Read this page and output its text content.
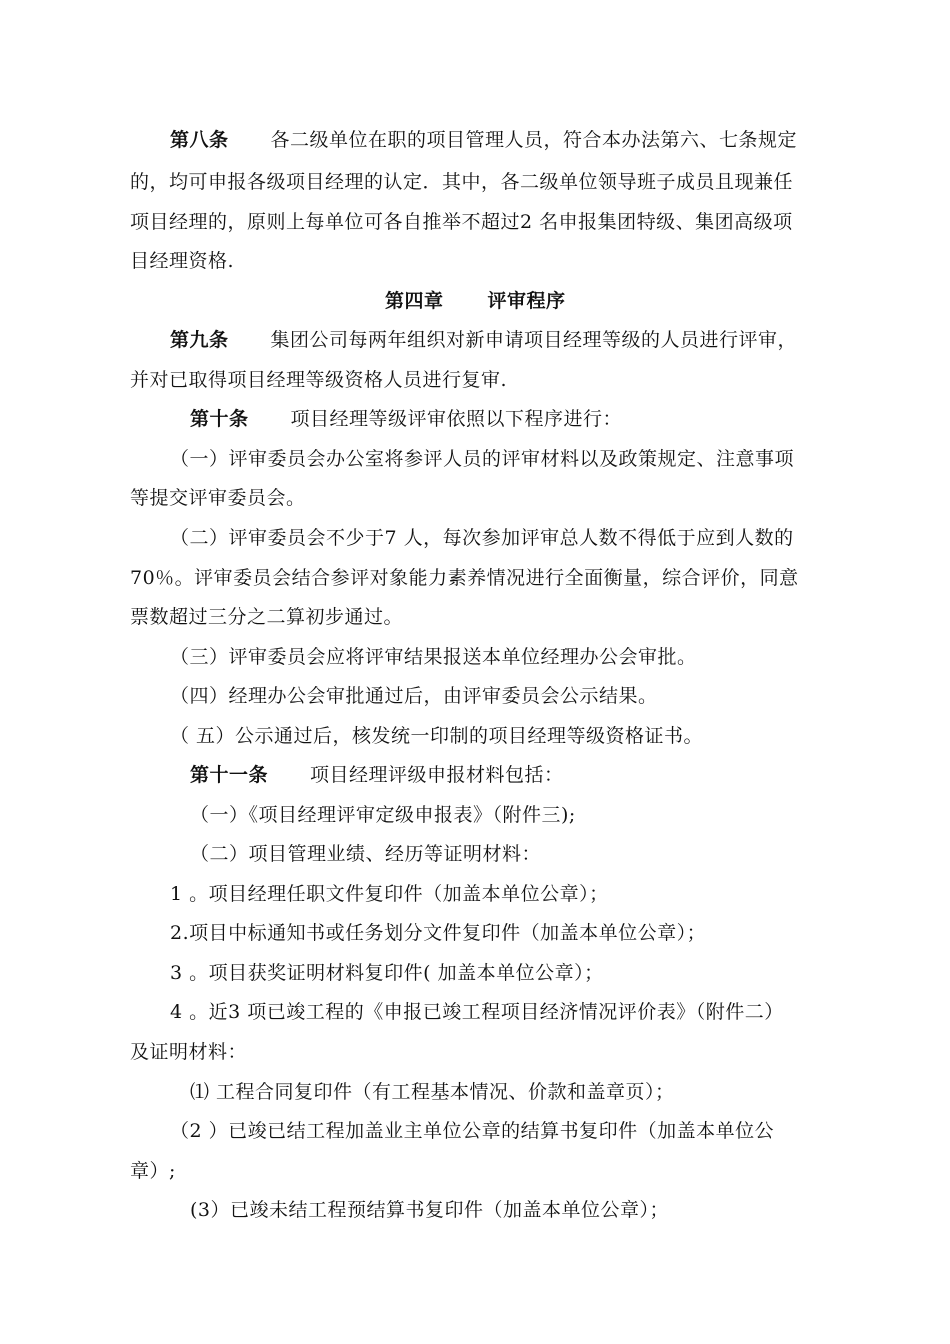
第八条 各二级单位在职的项目管理人员，符合本办法第六、七条规定
的，均可申报各级项目经理的认定．其中，各二级单位领导班子成员且现兼任
项目经理的，原则上每单位可各自推举不超过2 名申报集团特级、集团高级项
目经理资格.
第四章 评审程序
第九条 集团公司每两年组织对新申请项目经理等级的人员进行评审，
并对已取得项目经理等级资格人员进行复审.
第十条 项目经理等级评审依照以下程序进行：
（一）评审委员会办公室将参评人员的评审材料以及政策规定、注意事项
等提交评审委员会。
（二）评审委员会不少于7 人，每次参加评审总人数不得低于应到人数的
70％。评审委员会结合参评对象能力素养情况进行全面衡量，综合评价，同意
票数超过三分之二算初步通过。
（三）评审委员会应将评审结果报送本单位经理办公会审批。
（四）经理办公会审批通过后，由评审委员会公示结果。
（ 五）公示通过后，核发统一印制的项目经理等级资格证书。
第十一条 项目经理评级申报材料包括：
（一）《项目经理评审定级申报表》（附件三);
（二）项目管理业绩、经历等证明材料：
1 。项目经理任职文件复印件（加盖本单位公章）；
2.项目中标通知书或任务划分文件复印件（加盖本单位公章）；
3 。项目获奖证明材料复印件( 加盖本单位公章）；
4 。近3 项已竣工程的《申报已竣工程项目经济情况评价表》（附件二）
及证明材料：
⑴ 工程合同复印件（有工程基本情况、价款和盖章页）；
（2 ）已竣已结工程加盖业主单位公章的结算书复印件（加盖本单位公
章）;
(3）已竣未结工程预结算书复印件（加盖本单位公章）；
